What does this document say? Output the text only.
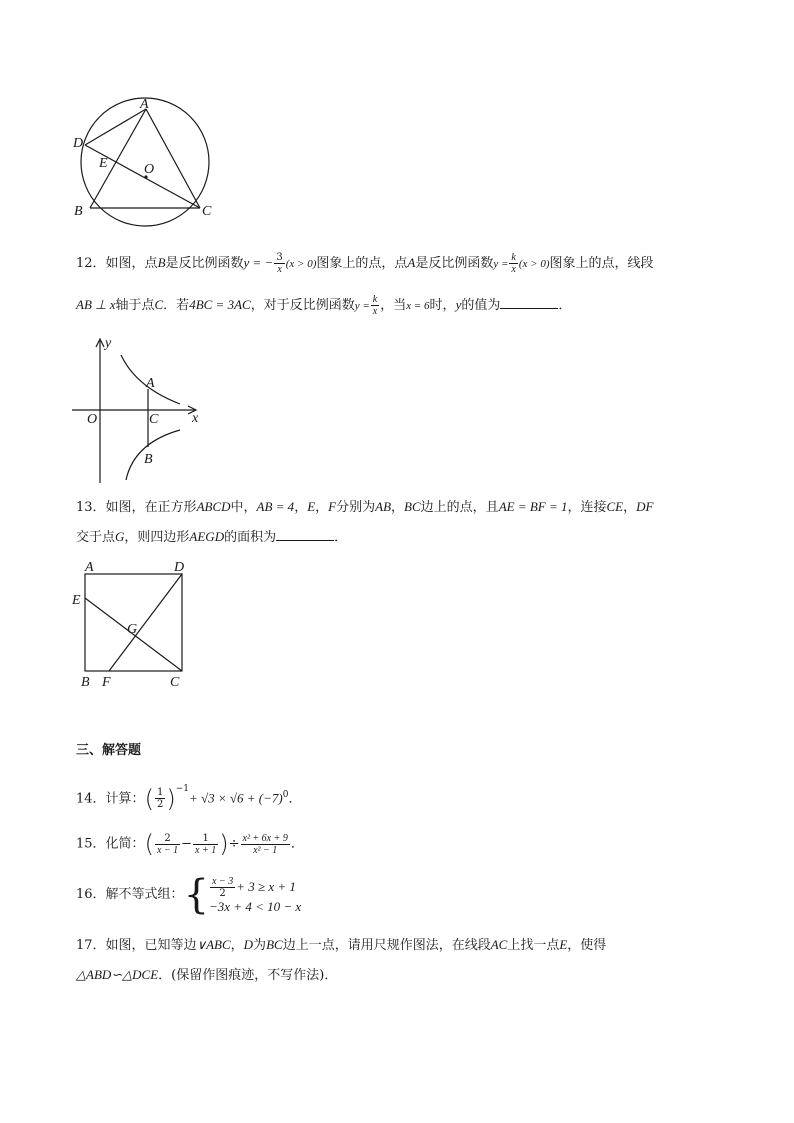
A
D
E	O
B	C
12．如图，点B是反比例函数y = − $\frac{3}{x} (x > 0)$图象上的点，点A是反比例函数$y = \frac{k}{x} (x > 0)$图象上的点，线段
AB ⊥ x轴于点C．若4BC = 3AC，对于反比例函数$y = \frac{k}{x}$ ，当x = 6时，y的值为	．
y
x
O
A
C
B
13．如图，在正方形ABCD中，AB = 4，E，F分别为AB，BC边上的点，且AE = BF = 1，连接CE，DF
交于点G，则四边形AEGD的面积为	．
A	D
E
G
B F	C
三、解答题
14．计算：( $\frac{1}{2} )^{-1}+ √3 \times √6 + (-7)^0$．
15．化简：( $\frac{2}{x - 1} - \frac{1}{x + 1}$ )÷ $\frac{\text{x² + 6x + 9}}{\text{x² − 1}}$ ．
16．解不等式组：{ $\frac{x - 3}{2} + 3 \ge x + 1$
−3x + 4 < 10 − x
17．如图，已知等边∨ABC，D为BC边上一点，请用尺规作图法，在线段AC上找一点E，使得
△ABD∽△DCE．(保留作图痕迹，不写作法)．
